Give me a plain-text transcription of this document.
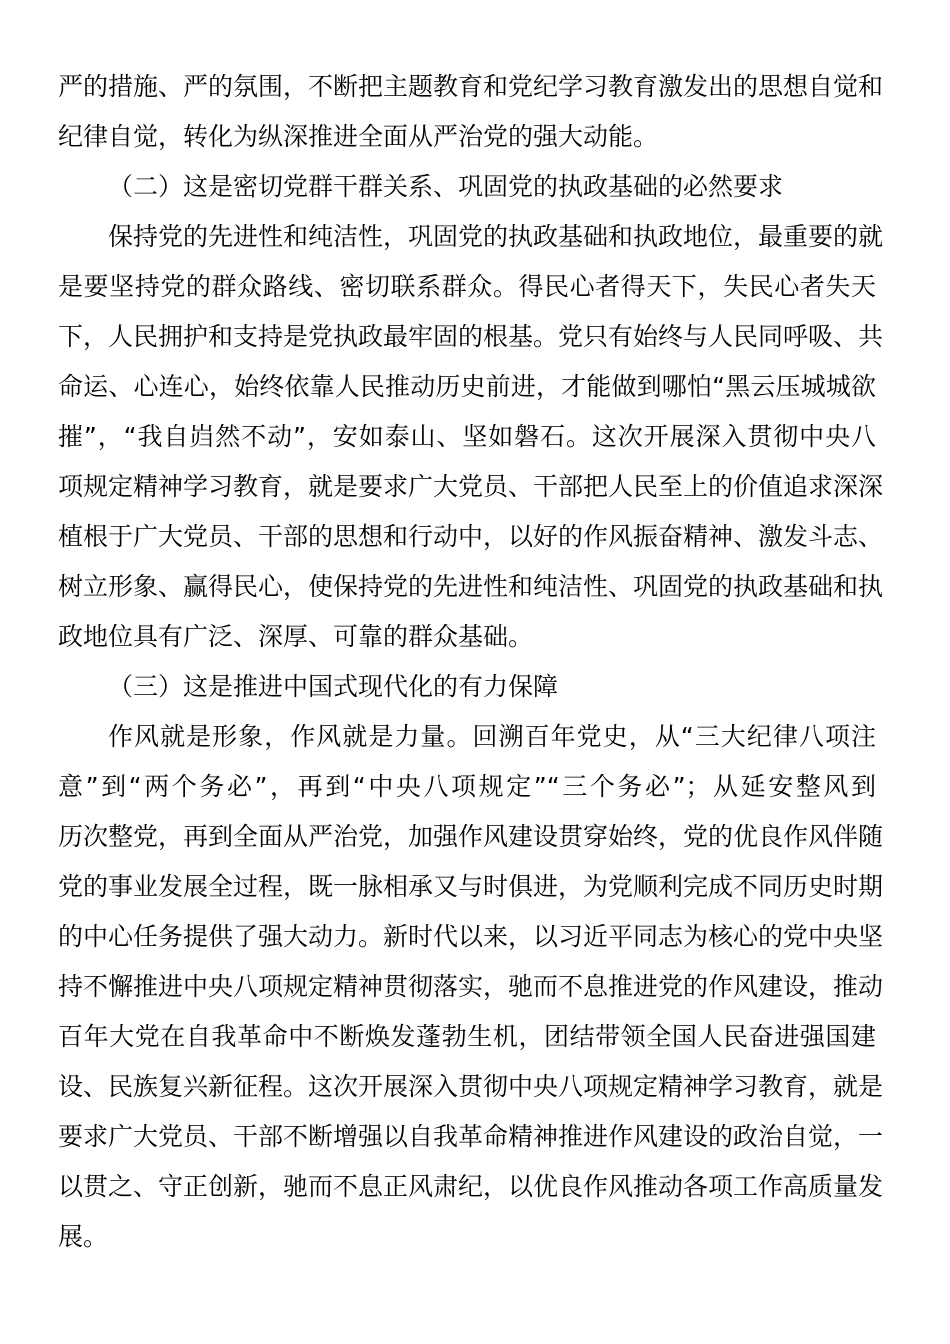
严的措施、严的氛围，不断把主题教育和党纪学习教育激发出的思想自觉和
纪律自觉，转化为纵深推进全面从严治党的强大动能。
（二）这是密切党群干群关系、巩固党的执政基础的必然要求
保持党的先进性和纯洁性，巩固党的执政基础和执政地位，最重要的就
是要坚持党的群众路线、密切联系群众。得民心者得天下，失民心者失天
下，人民拥护和支持是党执政最牢固的根基。党只有始终与人民同呼吸、共
命运、心连心，始终依靠人民推动历史前进，才能做到哪怕“黑云压城城欲
摧”，“我自岿然不动”，安如泰山、坚如磐石。这次开展深入贯彻中央八
项规定精神学习教育，就是要求广大党员、干部把人民至上的价值追求深深
植根于广大党员、干部的思想和行动中，以好的作风振奋精神、激发斗志、
树立形象、赢得民心，使保持党的先进性和纯洁性、巩固党的执政基础和执
政地位具有广泛、深厚、可靠的群众基础。
（三）这是推进中国式现代化的有力保障
作风就是形象，作风就是力量。回溯百年党史，从“三大纪律八项注
意”到“两个务必”，再到“中央八项规定”“三个务必”；从延安整风到
历次整党，再到全面从严治党，加强作风建设贯穿始终，党的优良作风伴随
党的事业发展全过程，既一脉相承又与时俱进，为党顺利完成不同历史时期
的中心任务提供了强大动力。新时代以来，以习近平同志为核心的党中央坚
持不懈推进中央八项规定精神贯彻落实，驰而不息推进党的作风建设，推动
百年大党在自我革命中不断焕发蓬勃生机，团结带领全国人民奋进强国建
设、民族复兴新征程。这次开展深入贯彻中央八项规定精神学习教育，就是
要求广大党员、干部不断增强以自我革命精神推进作风建设的政治自觉，一
以贯之、守正创新，驰而不息正风肃纪，以优良作风推动各项工作高质量发
展。
